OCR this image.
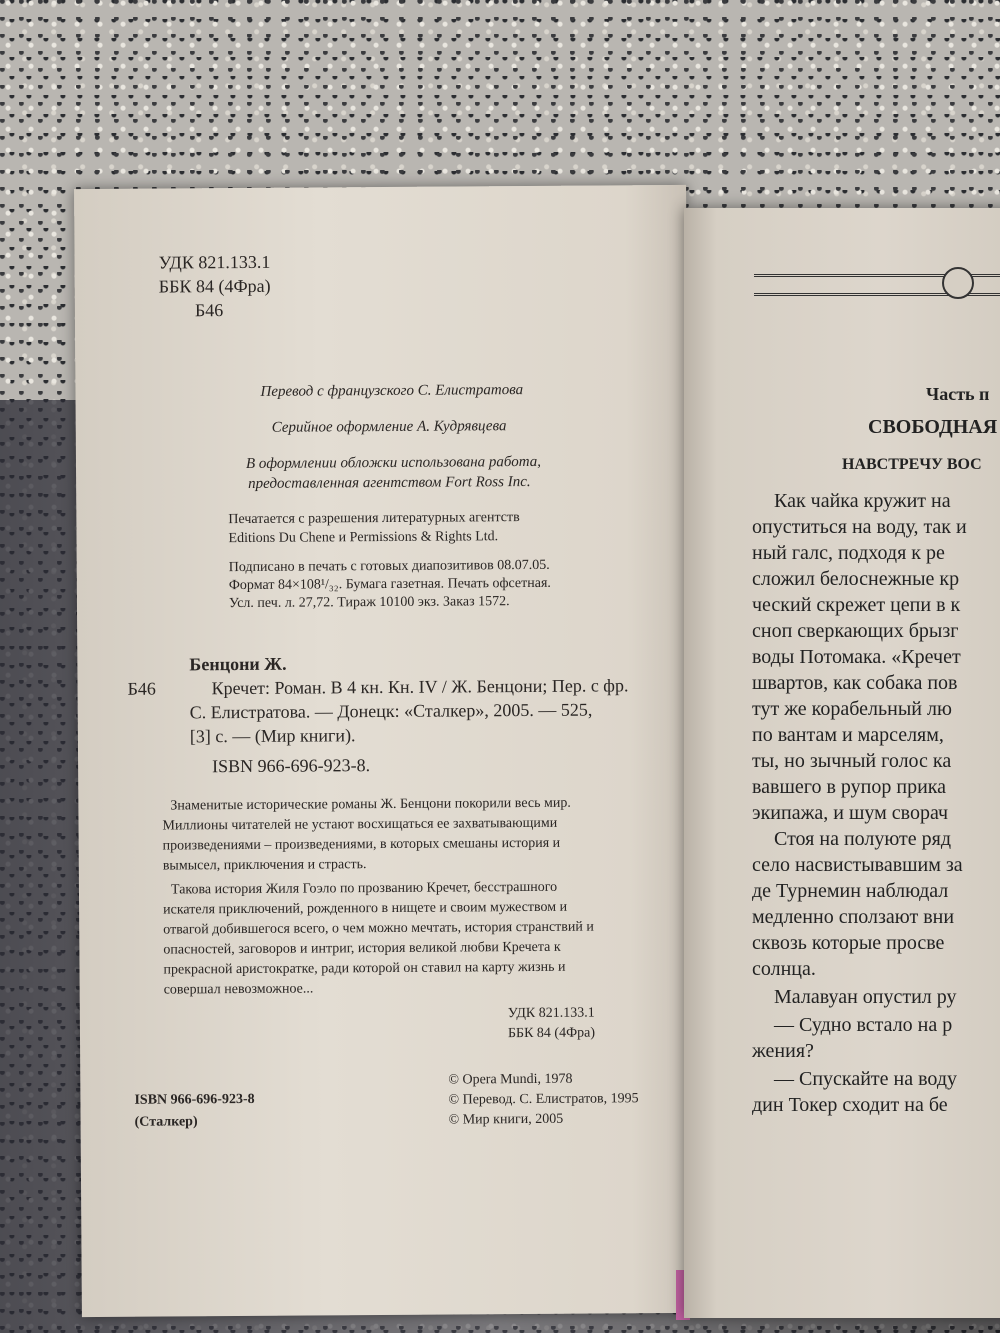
УДК 821.133.1
ББК 84 (4Фра)
Б46
Перевод с французского С. Елистратова
Серийное оформление А. Кудрявцева
В оформлении обложки использована работа,
предоставленная агентством Fort Ross Inc.
Печатается с разрешения литературных агентств
Editions Du Chene и Permissions & Rights Ltd.
Подписано в печать с готовых диапозитивов 08.07.05.
Формат 84×108¹/₃₂. Бумага газетная. Печать офсетная.
Усл. печ. л. 27,72. Тираж 10100 экз. Заказ 1572.
Бенцони Ж.
Б46	Кречет: Роман. В 4 кн. Кн. IV / Ж. Бенцони; Пер. с фр.
С. Елистратова. — Донецк: «Сталкер», 2005. — 525,
[3] с. — (Мир книги).
ISBN 966-696-923-8.
Знаменитые исторические романы Ж. Бенцони покорили весь мир.
Миллионы читателей не устают восхищаться ее захватывающими
произведениями – произведениями, в которых смешаны история и
вымысел, приключения и страсть.
Такова история Жиля Гоэло по прозванию Кречет, бесстрашного
искателя приключений, рожденного в нищете и своим мужеством и
отвагой добившегося всего, о чем можно мечтать, история странствий и
опасностей, заговоров и интриг, история великой любви Кречета к
прекрасной аристократке, ради которой он ставил на карту жизнь и
совершал невозможное...
УДК 821.133.1
ББК 84 (4Фра)
ISBN 966-696-923-8
(Сталкер)
© Opera Mundi, 1978
© Перевод. С. Елистратов, 1995
© Мир книги, 2005
Часть п
СВОБОДНАЯ
НАВСТРЕЧУ ВОС
Как чайка кружит на
опуститься на воду, так и
ный галс, подходя к ре
сложил белоснежные кр
ческий скрежет цепи в к
сноп сверкающих брызг
воды Потомака. «Кречет
швартов, как собака пов
тут же корабельный лю
по вантам и марселям,
ты, но зычный голос ка
вавшего в рупор прика
экипажа, и шум своpач
Стоя на полуюте ряд
село насвистывавшим за
де Турнемин наблюдал
медленно сползают вни
сквозь которые просве
солнца.
Малавуан опустил ру
— Судно встало на р
жения?
— Спускайте на воду
дин Токер сходит на бе
